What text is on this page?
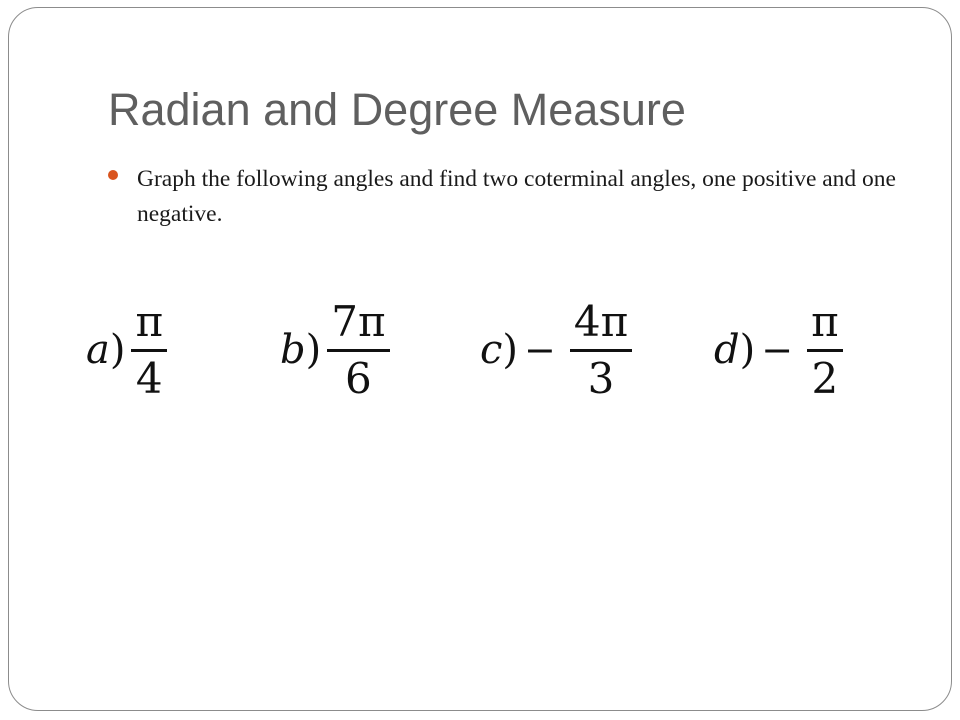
Radian and Degree Measure
Graph the following angles and find two coterminal angles, one positive and one negative.
$a) \frac{\pi}{4}$	$b) \frac{7\pi}{6} c) - \frac{4\pi}{3} d) - \frac{\pi}{2}$
